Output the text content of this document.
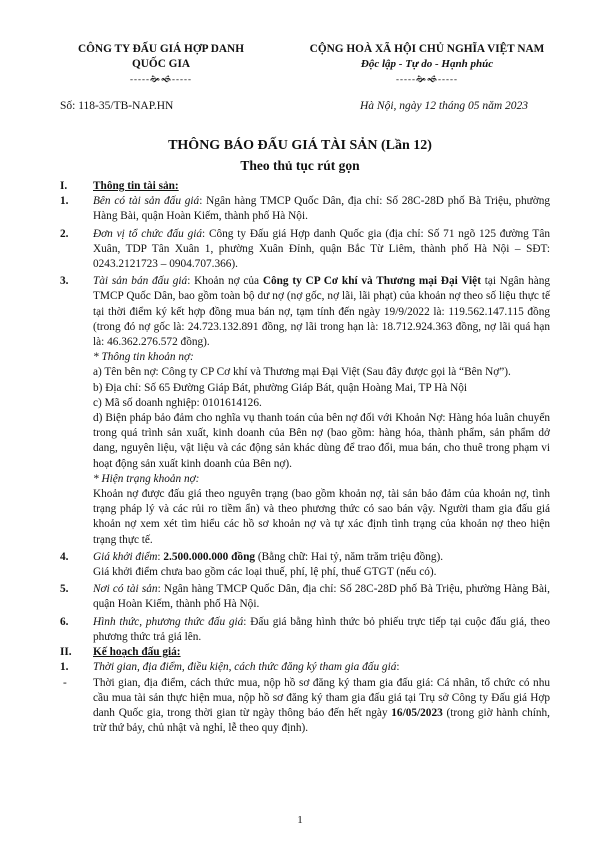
CÔNG TY ĐẤU GIÁ HỢP DANH
QUỐC GIA
-----🙞🙜-----
CỘNG HOÀ XÃ HỘI CHỦ NGHĨA VIỆT NAM
Độc lập - Tự do - Hạnh phúc
-----🙞🙜-----
Số: 118-35/TB-NAP.HN	Hà Nội, ngày 12 tháng 05 năm 2023
THÔNG BÁO ĐẤU GIÁ TÀI SẢN (Lần 12)
Theo thủ tục rút gọn
I. Thông tin tài sản:
1. Bên có tài sản đấu giá: Ngân hàng TMCP Quốc Dân, địa chỉ: Số 28C-28D phố Bà Triệu, phường Hàng Bài, quận Hoàn Kiếm, thành phố Hà Nội.
2. Đơn vị tổ chức đấu giá: Công ty Đấu giá Hợp danh Quốc gia (địa chỉ: Số 71 ngõ 125 đường Tân Xuân, TDP Tân Xuân 1, phường Xuân Đỉnh, quận Bắc Từ Liêm, thành phố Hà Nội – SĐT: 0243.2121723 – 0904.707.366).
3. Tài sản bán đấu giá: Khoản nợ của Công ty CP Cơ khí và Thương mại Đại Việt tại Ngân hàng TMCP Quốc Dân, bao gồm toàn bộ dư nợ (nợ gốc, nợ lãi, lãi phạt) của khoản nợ theo số liệu thực tế tại thời điểm ký kết hợp đồng mua bán nợ, tạm tính đến ngày 19/9/2022 là: 119.562.147.115 đồng (trong đó nợ gốc là: 24.723.132.891 đồng, nợ lãi trong hạn là: 18.712.924.363 đồng, nợ lãi quá hạn là: 46.362.276.572 đồng).
* Thông tin khoản nợ:
a) Tên bên nợ: Công ty CP Cơ khí và Thương mại Đại Việt (Sau đây được gọi là “Bên Nợ”).
b) Địa chỉ: Số 65 Đường Giáp Bát, phường Giáp Bát, quận Hoàng Mai, TP Hà Nội
c) Mã số doanh nghiệp: 0101614126.
d) Biện pháp bảo đảm cho nghĩa vụ thanh toán của bên nợ đối với Khoản Nợ: Hàng hóa luân chuyển trong quá trình sản xuất, kinh doanh của Bên nợ (bao gồm: hàng hóa, thành phẩm, sản phẩm dở dang, nguyên liệu, vật liệu và các động sản khác dùng để trao đổi, mua bán, cho thuê trong phạm vi hoạt động sản xuất kinh doanh của Bên nợ).
* Hiện trạng khoản nợ:
Khoản nợ được đấu giá theo nguyên trạng (bao gồm khoản nợ, tài sản bảo đảm của khoản nợ, tình trạng pháp lý và các rủi ro tiềm ẩn) và theo phương thức có sao bán vậy. Người tham gia đấu giá khoản nợ xem xét tìm hiểu các hồ sơ khoản nợ và tự xác định tình trạng của khoản nợ theo hiện trạng thực tế.
4. Giá khởi điểm: 2.500.000.000 đồng (Bằng chữ: Hai tỷ, năm trăm triệu đồng).
Giá khởi điểm chưa bao gồm các loại thuế, phí, lệ phí, thuế GTGT (nếu có).
5. Nơi có tài sản: Ngân hàng TMCP Quốc Dân, địa chỉ: Số 28C-28D phố Bà Triệu, phường Hàng Bài, quận Hoàn Kiếm, thành phố Hà Nội.
6. Hình thức, phương thức đấu giá: Đấu giá bằng hình thức bỏ phiếu trực tiếp tại cuộc đấu giá, theo phương thức trả giá lên.
II. Kế hoạch đấu giá:
1. Thời gian, địa điểm, điều kiện, cách thức đăng ký tham gia đấu giá:
- Thời gian, địa điểm, cách thức mua, nộp hồ sơ đăng ký tham gia đấu giá: Cá nhân, tổ chức có nhu cầu mua tài sản thực hiện mua, nộp hồ sơ đăng ký tham gia đấu giá tại Trụ sở Công ty Đấu giá Hợp danh Quốc gia, trong thời gian từ ngày thông báo đến hết ngày 16/05/2023 (trong giờ hành chính, trừ thứ bảy, chủ nhật và nghỉ, lễ theo quy định).
1
